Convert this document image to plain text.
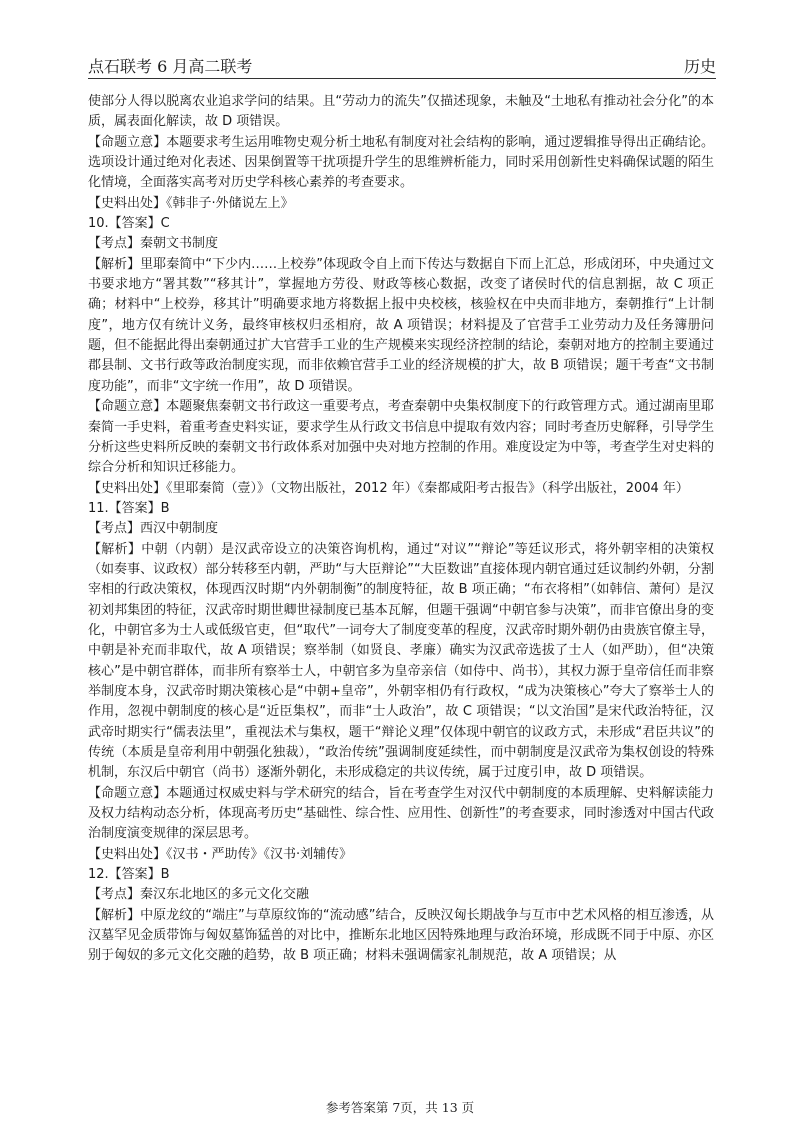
点石联考 6 月高二联考	历史

使部分人得以脱离农业追求学问的结果。且“劳动力的流失”仅描述现象，未触及“土地私有推动社会分化”的本质，属表面化解读，故 D 项错误。

【命题立意】本题要求考生运用唯物史观分析土地私有制度对社会结构的影响，通过逻辑推导得出正确结论。选项设计通过绝对化表述、因果倒置等干扰项提升学生的思维辨析能力，同时采用创新性史料确保试题的陌生化情境，全面落实高考对历史学科核心素养的考查要求。

【史料出处】《韩非子·外储说左上》

10.【答案】C

【考点】秦朝文书制度

【解析】里耶秦简中“下少内……上校券”体现政令自上而下传达与数据自下而上汇总，形成闭环，中央通过文书要求地方“署其数”“移其计”，掌握地方劳役、财政等核心数据，改变了诸侯时代的信息割据，故 C 项正确；材料中“上校券，移其计”明确要求地方将数据上报中央校核，核验权在中央而非地方，秦朝推行“上计制度”，地方仅有统计义务，最终审核权归丞相府，故 A 项错误；材料提及了官营手工业劳动力及任务簿册问题，但不能据此得出秦朝通过扩大官营手工业的生产规模来实现经济控制的结论，秦朝对地方的控制主要通过郡县制、文书行政等政治制度实现，而非依赖官营手工业的经济规模的扩大，故 B 项错误；题干考查“文书制度功能”，而非“文字统一作用”，故 D 项错误。

【命题立意】本题聚焦秦朝文书行政这一重要考点，考查秦朝中央集权制度下的行政管理方式。通过湖南里耶秦简一手史料，着重考查史料实证，要求学生从行政文书信息中提取有效内容；同时考查历史解释，引导学生分析这些史料所反映的秦朝文书行政体系对加强中央对地方控制的作用。难度设定为中等，考查学生对史料的综合分析和知识迁移能力。

【史料出处】《里耶秦简（壹）》（文物出版社，2012 年）《秦都咸阳考古报告》（科学出版社，2004 年）

11.【答案】B

【考点】西汉中朝制度

【解析】中朝（内朝）是汉武帝设立的决策咨询机构，通过“对议”“辩论”等廷议形式，将外朝宰相的决策权（如奏事、议政权）部分转移至内朝，严助“与大臣辩论”“大臣数诎”直接体现内朝官通过廷议制约外朝，分割宰相的行政决策权，体现西汉时期“内外朝制衡”的制度特征，故 B 项正确；“布衣将相”（如韩信、萧何）是汉初刘邦集团的特征，汉武帝时期世卿世禄制度已基本瓦解，但题干强调“中朝官参与决策”，而非官僚出身的变化，中朝官多为士人或低级官吏，但“取代”一词夸大了制度变革的程度，汉武帝时期外朝仍由贵族官僚主导，中朝是补充而非取代，故 A 项错误；察举制（如贤良、孝廉）确实为汉武帝选拔了士人（如严助），但“决策核心”是中朝官群体，而非所有察举士人，中朝官多为皇帝亲信（如侍中、尚书），其权力源于皇帝信任而非察举制度本身，汉武帝时期决策核心是“中朝+皇帝”，外朝宰相仍有行政权，“成为决策核心”夸大了察举士人的作用，忽视中朝制度的核心是“近臣集权”，而非“士人政治”，故 C 项错误；“以文治国”是宋代政治特征，汉武帝时期实行“儒表法里”，重视法术与集权，题干“辩论义理”仅体现中朝官的议政方式，未形成“君臣共议”的传统（本质是皇帝利用中朝强化独裁），“政治传统”强调制度延续性，而中朝制度是汉武帝为集权创设的特殊机制，东汉后中朝官（尚书）逐渐外朝化，未形成稳定的共议传统，属于过度引申，故 D 项错误。

【命题立意】本题通过权威史料与学术研究的结合，旨在考查学生对汉代中朝制度的本质理解、史料解读能力及权力结构动态分析，体现高考历史“基础性、综合性、应用性、创新性”的考查要求，同时渗透对中国古代政治制度演变规律的深层思考。

【史料出处】《汉书・严助传》《汉书·刘辅传》

12.【答案】B

【考点】秦汉东北地区的多元文化交融

【解析】中原龙纹的“端庄”与草原纹饰的“流动感”结合，反映汉匈长期战争与互市中艺术风格的相互渗透，从汉墓罕见金质带饰与匈奴墓饰猛兽的对比中，推断东北地区因特殊地理与政治环境，形成既不同于中原、亦区别于匈奴的多元文化交融的趋势，故 B 项正确；材料未强调儒家礼制规范，故 A 项错误；从

参考答案第 7页，共 13 页
